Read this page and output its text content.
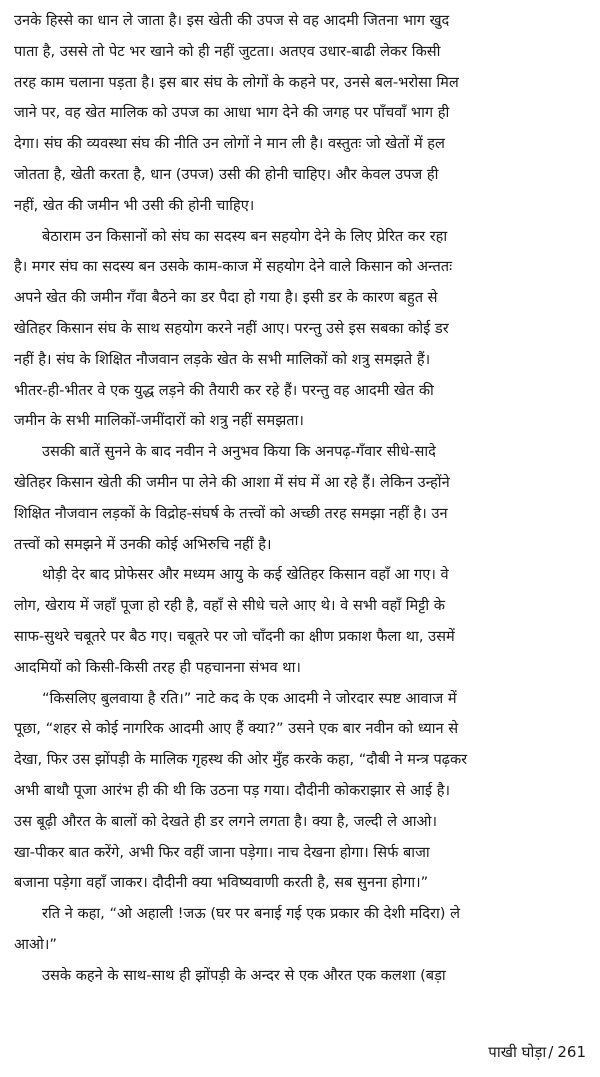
उनके हिस्से का धान ले जाता है। इस खेती की उपज से वह आदमी जितना भाग खुद
पाता है, उससे तो पेट भर खाने को ही नहीं जुटता। अतएव उधार-बाढी लेकर किसी
तरह काम चलाना पड़ता है। इस बार संघ के लोगों के कहने पर, उनसे बल-भरोसा मिल
जाने पर, वह खेत मालिक को उपज का आधा भाग देने की जगह पर पाँचवाँ भाग ही
देगा। संघ की व्यवस्था संघ की नीति उन लोगों ने मान ली है। वस्तुतः जो खेतों में हल
जोतता है, खेती करता है, धान (उपज) उसी की होनी चाहिए। और केवल उपज ही
नहीं, खेत की जमीन भी उसी की होनी चाहिए।
बेठाराम उन किसानों को संघ का सदस्य बन सहयोग देने के लिए प्रेरित कर रहा
है। मगर संघ का सदस्य बन उसके काम-काज में सहयोग देने वाले किसान को अन्ततः
अपने खेत की जमीन गँवा बैठने का डर पैदा हो गया है। इसी डर के कारण बहुत से
खेतिहर किसान संघ के साथ सहयोग करने नहीं आए। परन्तु उसे इस सबका कोई डर
नहीं है। संघ के शिक्षित नौजवान लड़के खेत के सभी मालिकों को शत्रु समझते हैं।
भीतर-ही-भीतर वे एक युद्ध लड़ने की तैयारी कर रहे हैं। परन्तु वह आदमी खेत की
जमीन के सभी मालिकों-जमींदारों को शत्रु नहीं समझता।
उसकी बातें सुनने के बाद नवीन ने अनुभव किया कि अनपढ़-गँवार सीधे-सादे
खेतिहर किसान खेती की जमीन पा लेने की आशा में संघ में आ रहे हैं। लेकिन उन्होंने
शिक्षित नौजवान लड़कों के विद्रोह-संघर्ष के तत्त्वों को अच्छी तरह समझा नहीं है। उन
तत्त्वों को समझने में उनकी कोई अभिरुचि नहीं है।
थोड़ी देर बाद प्रोफेसर और मध्यम आयु के कई खेतिहर किसान वहाँ आ गए। वे
लोग, खेराय में जहाँ पूजा हो रही है, वहाँ से सीधे चले आए थे। वे सभी वहाँ मिट्टी के
साफ-सुथरे चबूतरे पर बैठ गए। चबूतरे पर जो चाँदनी का क्षीण प्रकाश फैला था, उसमें
आदमियों को किसी-किसी तरह ही पहचानना संभव था।
“किसलिए बुलवाया है रति।” नाटे कद के एक आदमी ने जोरदार स्पष्ट आवाज में
पूछा, “शहर से कोई नागरिक आदमी आए हैं क्या?” उसने एक बार नवीन को ध्यान से
देखा, फिर उस झोंपड़ी के मालिक गृहस्थ की ओर मुँह करके कहा, “दौबी ने मन्त्र पढ़कर
अभी बाथौ पूजा आरंभ ही की थी कि उठना पड़ गया। दौदीनी कोकराझार से आई है।
उस बूढ़ी औरत के बालों को देखते ही डर लगने लगता है। क्या है, जल्दी ले आओ।
खा-पीकर बात करेंगे, अभी फिर वहीं जाना पड़ेगा। नाच देखना होगा। सिर्फ बाजा
बजाना पड़ेगा वहाँ जाकर। दौदीनी क्या भविष्यवाणी करती है, सब सुनना होगा।”
रति ने कहा, “ओ अहाली !जऊ (घर पर बनाई गई एक प्रकार की देशी मदिरा) ले
आओ।”
उसके कहने के साथ-साथ ही झोंपड़ी के अन्दर से एक औरत एक कलशा (बड़ा
पाखी घोड़ा / 261
